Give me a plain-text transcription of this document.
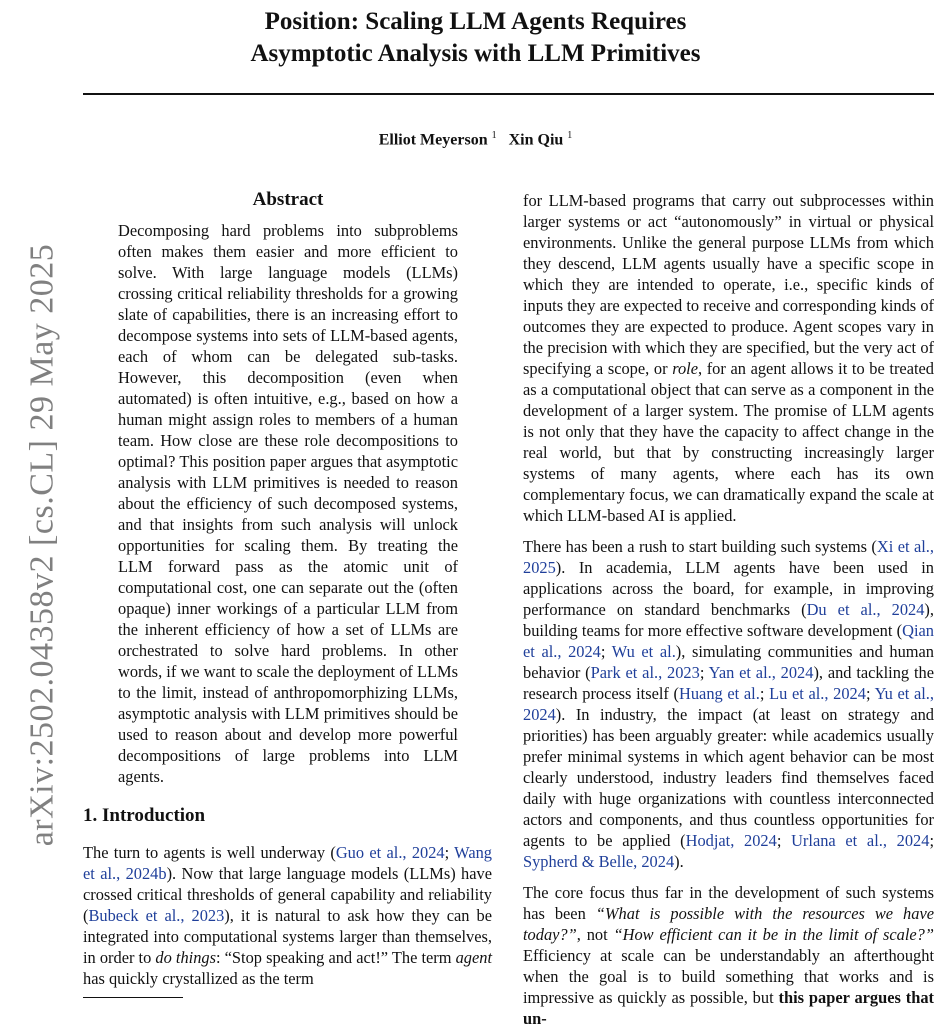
Position: Scaling LLM Agents Requires
Asymptotic Analysis with LLM Primitives
Elliot Meyerson $^1$ Xin Qiu $^1$
arXiv:2502.04358v2 [cs.CL] 29 May 2025
Abstract

Decomposing hard problems into subproblems often makes them easier and more efficient to solve. With large language models (LLMs) crossing critical reliability thresholds for a growing slate of capabilities, there is an increasing effort to decompose systems into sets of LLM-based agents, each of whom can be delegated sub-tasks. However, this decomposition (even when automated) is often intuitive, e.g., based on how a human might assign roles to members of a human team. How close are these role decompositions to optimal? This position paper argues that asymptotic analysis with LLM primitives is needed to reason about the efficiency of such decomposed systems, and that insights from such analysis will unlock opportunities for scaling them. By treating the LLM forward pass as the atomic unit of computational cost, one can separate out the (often opaque) inner workings of a particular LLM from the inherent efficiency of how a set of LLMs are orchestrated to solve hard problems. In other words, if we want to scale the deployment of LLMs to the limit, instead of anthropomorphizing LLMs, asymptotic analysis with LLM primitives should be used to reason about and develop more powerful decompositions of large problems into LLM agents.

1. Introduction

The turn to agents is well underway (Guo et al., 2024; Wang et al., 2024b). Now that large language models (LLMs) have crossed critical thresholds of general capability and reliability (Bubeck et al., 2023), it is natural to ask how they can be integrated into computational systems larger than themselves, in order to do things: “Stop speaking and act!” The term agent has quickly crystallized as the term

for LLM-based programs that carry out subprocesses within larger systems or act “autonomously” in virtual or physical environments. Unlike the general purpose LLMs from which they descend, LLM agents usually have a specific scope in which they are intended to operate, i.e., specific kinds of inputs they are expected to receive and corresponding kinds of outcomes they are expected to produce. Agent scopes vary in the precision with which they are specified, but the very act of specifying a scope, or role, for an agent allows it to be treated as a computational object that can serve as a component in the development of a larger system. The promise of LLM agents is not only that they have the capacity to affect change in the real world, but that by constructing increasingly larger systems of many agents, where each has its own complementary focus, we can dramatically expand the scale at which LLM-based AI is applied.

There has been a rush to start building such systems (Xi et al., 2025). In academia, LLM agents have been used in applications across the board, for example, in improving performance on standard benchmarks (Du et al., 2024), building teams for more effective software development (Qian et al., 2024; Wu et al.), simulating communities and human behavior (Park et al., 2023; Yan et al., 2024), and tackling the research process itself (Huang et al.; Lu et al., 2024; Yu et al., 2024). In industry, the impact (at least on strategy and priorities) has been arguably greater: while academics usually prefer minimal systems in which agent behavior can be most clearly understood, industry leaders find themselves faced daily with huge organizations with countless interconnected actors and components, and thus countless opportunities for agents to be applied (Hodjat, 2024; Urlana et al., 2024; Sypherd & Belle, 2024).

The core focus thus far in the development of such systems has been “What is possible with the resources we have today?”, not “How efficient can it be in the limit of scale?” Efficiency at scale can be understandably an afterthought when the goal is to build something that works and is impressive as quickly as possible, but this paper argues that un-
